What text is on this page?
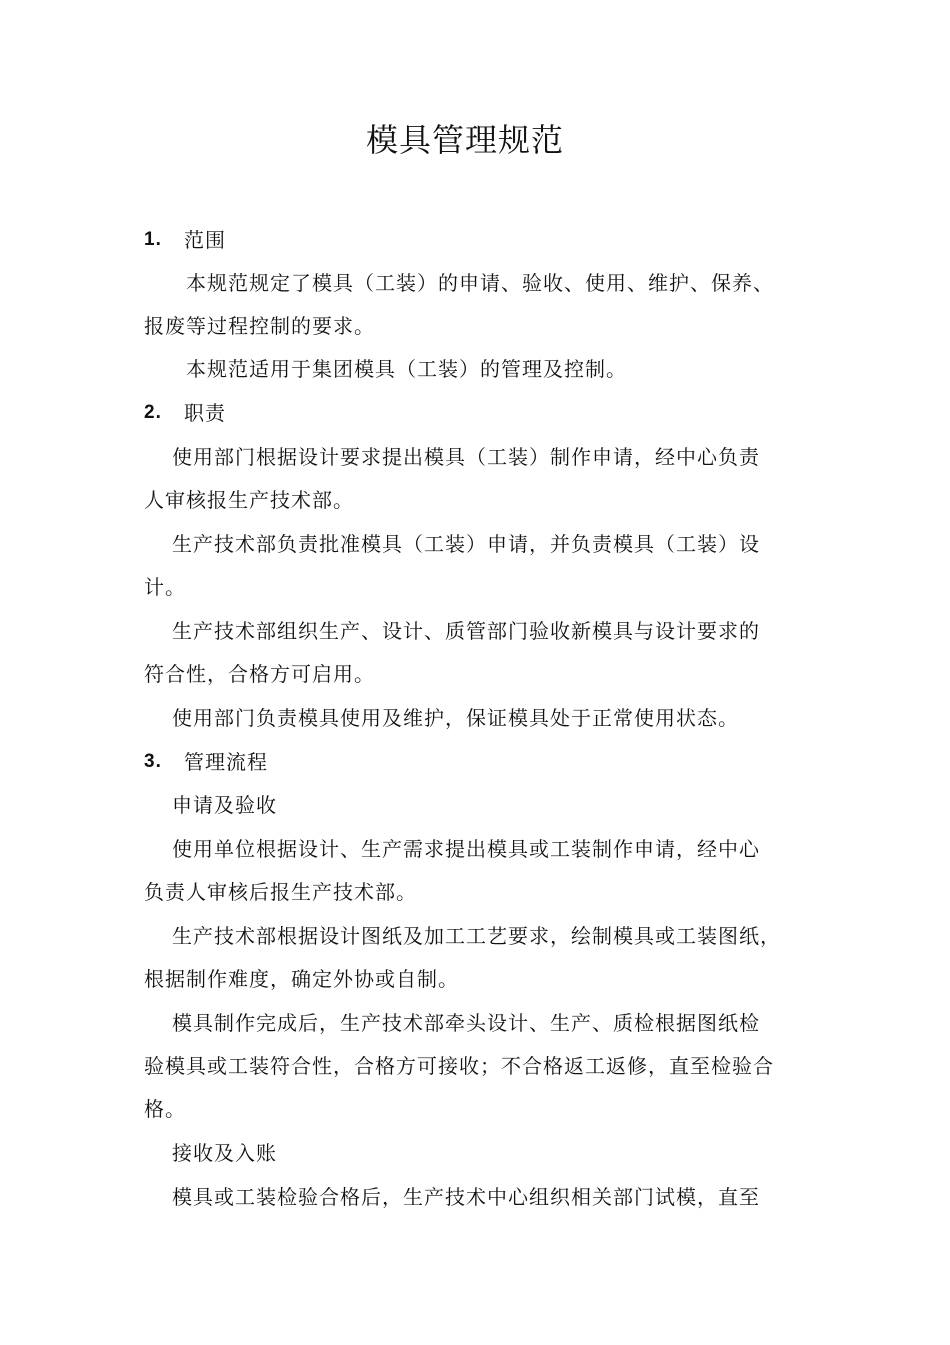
模具管理规范
1.	范围
本规范规定了模具（工装）的申请、验收、使用、维护、保养、
报废等过程控制的要求。
本规范适用于集团模具（工装）的管理及控制。
2.	职责
使用部门根据设计要求提出模具（工装）制作申请，经中心负责
人审核报生产技术部。
生产技术部负责批准模具（工装）申请，并负责模具（工装）设
计。
生产技术部组织生产、设计、质管部门验收新模具与设计要求的
符合性，合格方可启用。
使用部门负责模具使用及维护，保证模具处于正常使用状态。
3.	管理流程
申请及验收
使用单位根据设计、生产需求提出模具或工装制作申请，经中心
负责人审核后报生产技术部。
生产技术部根据设计图纸及加工工艺要求，绘制模具或工装图纸，
根据制作难度，确定外协或自制。
模具制作完成后，生产技术部牵头设计、生产、质检根据图纸检
验模具或工装符合性，合格方可接收；不合格返工返修，直至检验合
格。
接收及入账
模具或工装检验合格后，生产技术中心组织相关部门试模，直至
